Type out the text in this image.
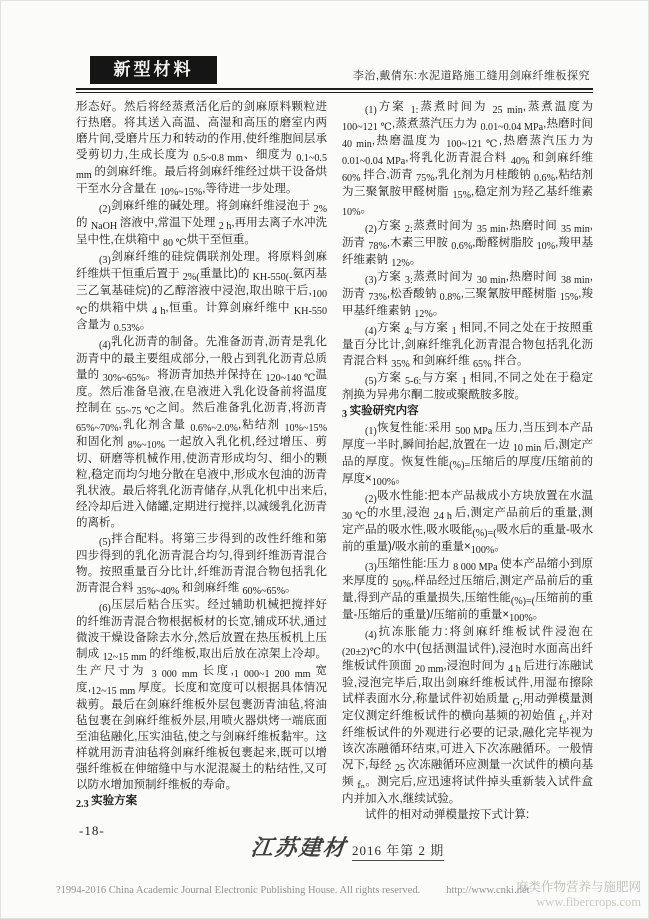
新型材料	李治,戴倩东:水泥道路施工缝用剑麻纤维板探究

形态好。然后将经蒸煮活化后的剑麻原料颗粒进行热磨。将其送入高温、高湿和高压的磨室内两磨片间,受磨片压力和转动的作用,使纤维胞间层承受剪切力,生成长度为 0.5~0.8 mm、细度为 0.1~0.5 mm 的剑麻纤维。最后将剑麻纤维经过烘干设备烘干至水分含量在 10%~15%,等待进一步处理。

(2)剑麻纤维的碱处理。将剑麻纤维浸泡于 2%的 NaOH 溶液中,常温下处理 2 h,再用去离子水冲洗呈中性,在烘箱中 80 ℃烘干至恒重。

(3)剑麻纤维的硅烷偶联剂处理。将原料剑麻纤维烘干恒重后置于 2%(重量比)的 KH-550(-氨丙基三乙氧基硅烷)的乙醇溶液中浸泡,取出晾干后,100 ℃的烘箱中烘 4 h,恒重。计算剑麻纤维中 KH-550 含量为 0.53%。

(4)乳化沥青的制备。先准备沥青,沥青是乳化沥青中的最主要组成部分,一般占到乳化沥青总质量的 30%~65%。将沥青加热并保持在 120~140 ℃温度。然后准备皂液,在皂液进入乳化设备前将温度控制在 55~75 ℃之间。然后准备乳化沥青,将沥青 65%~70%,乳化剂含量 0.6%~2.0%,粘结剂 10%~15% 和固化剂 8%~10% 一起放入乳化机,经过增压、剪切、研磨等机械作用,使沥青形成均匀、细小的颗粒,稳定而均匀地分散在皂液中,形成水包油的沥青乳状液。最后将乳化沥青储存,从乳化机中出来后,经冷却后进入储罐,定期进行搅拌,以减缓乳化沥青的离析。

(5)拌合配料。将第三步得到的改性纤维和第四步得到的乳化沥青混合均匀,得到纤维沥青混合物。按照重量百分比计,纤维沥青混合物包括乳化沥青混合料 35%~40% 和剑麻纤维 60%~65%。

(6)压层后粘合压实。经过辅助机械把搅拌好的纤维沥青混合物根据板材的长宽,铺成环状,通过微波干燥设备除去水分,然后放置在热压板机上压制成 12~15 mm 的纤维板,取出后放在凉架上冷却。生产尺寸为 3 000 mm 长度,1 000~1 200 mm 宽度,12~15 mm 厚度。长度和宽度可以根据具体情况裁剪。最后在剑麻纤维板外层包裹沥青油毡,将油毡包裹在剑麻纤维板外层,用喷火器烘烤一端底面至油毡融化,压实油毡,使之与剑麻纤维板黏牢。这样就用沥青油毡将剑麻纤维板包裹起来,既可以增强纤维板在伸缩缝中与水泥混凝土的粘结性,又可以防水增加预制纤维板的寿命。

2.3 实验方案

(1)方案 1:蒸煮时间为 25 min,蒸煮温度为 100~121 ℃,蒸煮蒸汽压力为 0.01~0.04 MPa,热磨时间 40 min,热磨温度为 100~121 ℃,热磨蒸汽压力为 0.01~0.04 MPa,将乳化沥青混合料 40% 和剑麻纤维 60% 拌合,沥青 75%,乳化剂为月桂酸钠 0.6%,粘结剂为三聚氰胺甲醛树脂 15%,稳定剂为羟乙基纤维素 10%。

(2)方案 2:蒸煮时间为 35 min,热磨时间 35 min,沥青 78%,木素三甲胺 0.6%,酚醛树脂胶 10%,羧甲基纤维素钠 12%。

(3)方案 3:蒸煮时间为 30 min,热磨时间 38 min,沥青 73%,松香酸钠 0.8%,三聚氰胺甲醛树脂 15%,羧甲基纤维素钠 12%。

(4)方案 4:与方案 1 相同,不同之处在于按照重量百分比计,剑麻纤维乳化沥青混合物包括乳化沥青混合料 35% 和剑麻纤维 65% 拌合。

(5)方案 5-6:与方案 1 相同,不同之处在于稳定剂换为异弗尔酮二胺或聚酰胺多胺。

3 实验研究内容

(1)恢复性能:采用 500 MPa 压力,当压到本产品厚度一半时,瞬间抬起,放置在一边 10 min 后,测定产品的厚度。恢复性能(%)=压缩后的厚度/压缩前的厚度×100%。

(2)吸水性能:把本产品裁成小方块放置在水温 30 ℃的水里,浸泡 24 h 后,测定产品前后的重量,测定产品的吸水性,吸水吸能(%)=(吸水后的重量-吸水前的重量)/吸水前的重量×100%。

(3)压缩性能:压力 8 000 MPa 使本产品缩小到原来厚度的 50%,样品经过压缩后,测定产品前后的重量,得到产品的重量损失,压缩性能(%)=(压缩前的重量-压缩后的重量)/压缩前的重量×100%。

(4)抗冻胀能力:将剑麻纤维板试件浸泡在(20±2)℃的水中(包括测温试件),浸泡时水面高出纤维板试件顶面 20 mm,浸泡时间为 4 h 后进行冻融试验,浸泡完毕后,取出剑麻纤维板试件,用湿布擦除试样表面水分,称量试件初始质量 G;用动弹模量测定仪测定纤维板试件的横向基频的初始值 f₀,并对纤维板试件的外观进行必要的记录,融化完毕视为该次冻融循环结束,可进入下次冻融循环。一般情况下,每经 25 次冻融循环应测量一次试件的横向基频 fₙ。测完后,应迅速将试件掉头重新装入试件盒内并加入水,继续试验。

试件的相对动弹模量按下式计算:

-18-
江苏建材 2016 年第 2 期
?1994-2016 China Academic Journal Electronic Publishing House. All rights reserved. http://www.cnki.net
麻类作物营养与施肥网
www.fibercrops.com
